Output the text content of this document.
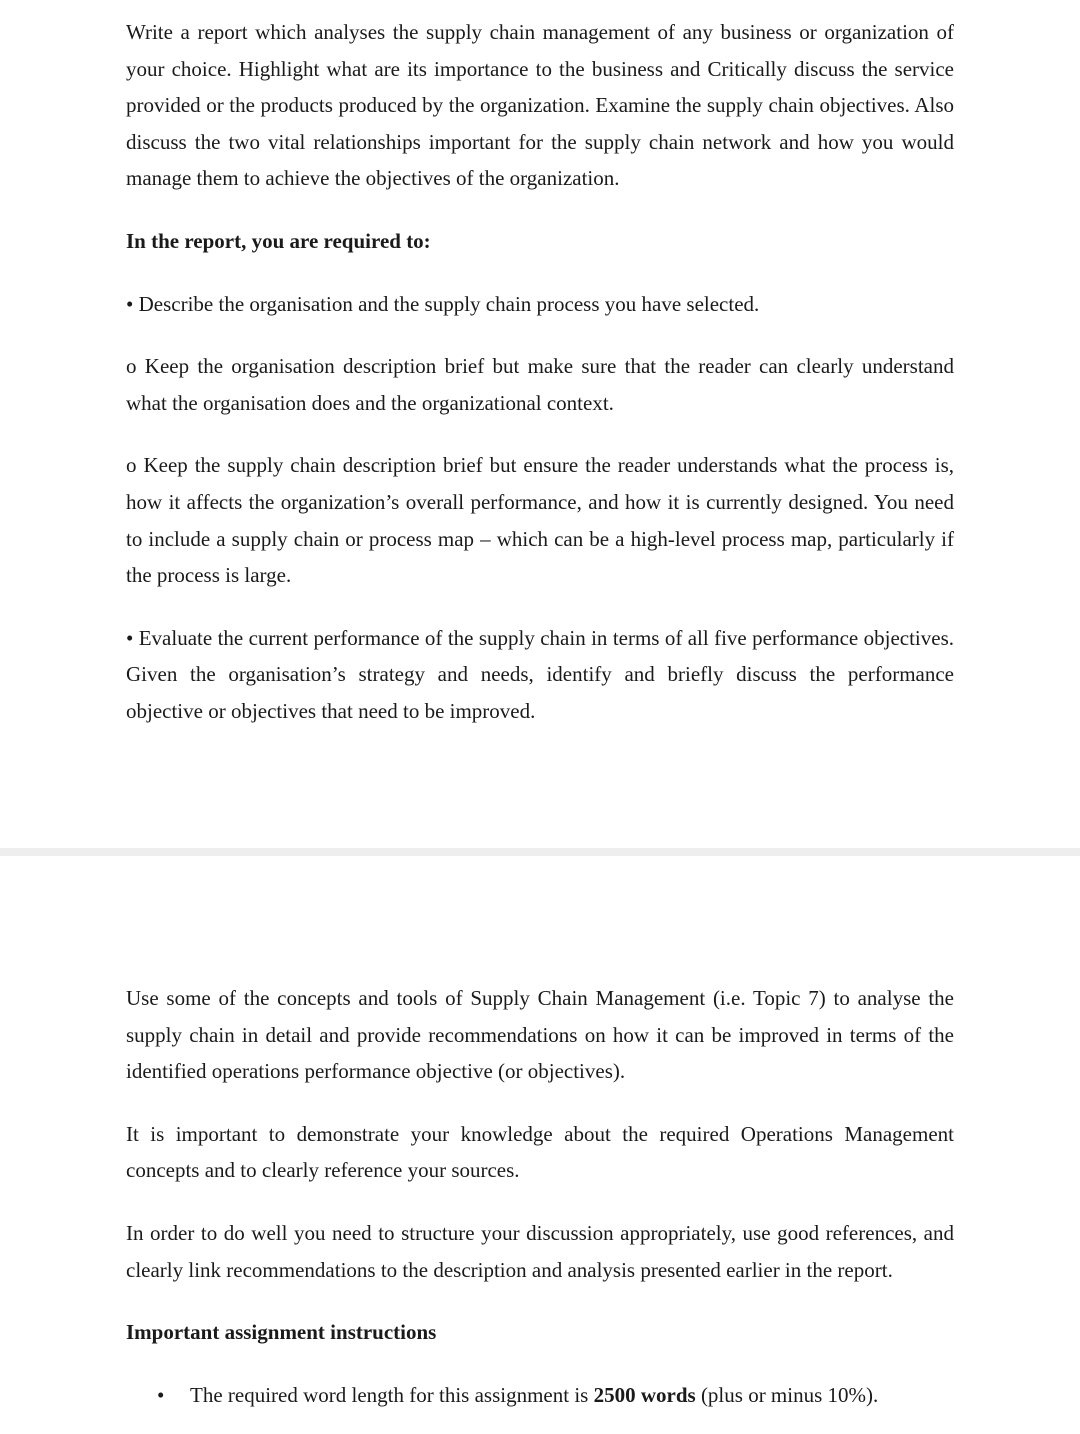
Write a report which analyses the supply chain management of any business or organization of your choice. Highlight what are its importance to the business and Critically discuss the service provided or the products produced by the organization. Examine the supply chain objectives. Also discuss the two vital relationships important for the supply chain network and how you would manage them to achieve the objectives of the organization.

In the report, you are required to:

• Describe the organisation and the supply chain process you have selected.

o Keep the organisation description brief but make sure that the reader can clearly understand what the organisation does and the organizational context.

o Keep the supply chain description brief but ensure the reader understands what the process is, how it affects the organization’s overall performance, and how it is currently designed. You need to include a supply chain or process map – which can be a high-level process map, particularly if the process is large.

• Evaluate the current performance of the supply chain in terms of all five performance objectives. Given the organisation’s strategy and needs, identify and briefly discuss the performance objective or objectives that need to be improved.

Use some of the concepts and tools of Supply Chain Management (i.e. Topic 7) to analyse the supply chain in detail and provide recommendations on how it can be improved in terms of the identified operations performance objective (or objectives).

It is important to demonstrate your knowledge about the required Operations Management concepts and to clearly reference your sources.

In order to do well you need to structure your discussion appropriately, use good references, and clearly link recommendations to the description and analysis presented earlier in the report.

Important assignment instructions
• The required word length for this assignment is 2500 words (plus or minus 10%).
